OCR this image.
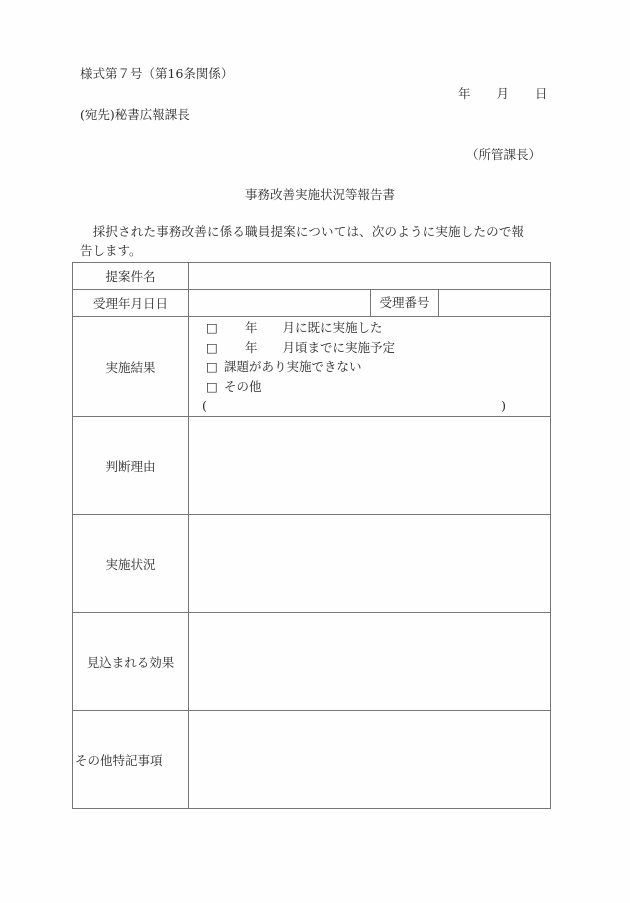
様式第７号（第16条関係）
年 月 日
(宛先)秘書広報課長
（所管課長）
事務改善実施状況等報告書
　採択された事務改善に係る職員提案については、次のように実施したので報
告します。
提案件名	
受理年月日日	受理番号

実施結果	
□　　年　　月に既に実施した
□　　年　　月頃までに実施予定
□ 課題があり実施できない
□ その他
(	)

判断理由	
実施状況	
見込まれる効果	
その他特記事項	
